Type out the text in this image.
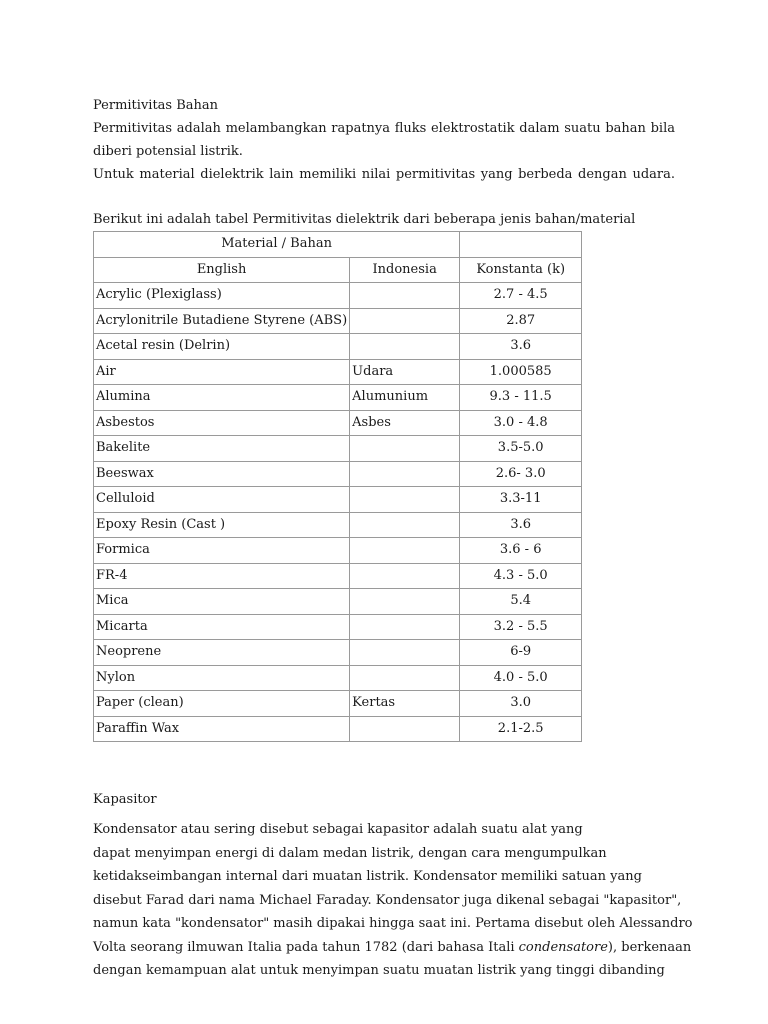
Permitivitas Bahan

Permitivitas adalah melambangkan rapatnya fluks elektrostatik dalam suatu bahan bila

diberi potensial listrik.

Untuk material dielektrik lain memiliki nilai permitivitas yang berbeda dengan udara.

Berikut ini adalah tabel Permitivitas dielektrik dari beberapa jenis bahan/material

Material / Bahan		
English	Indonesia	Konstanta (k)
Acrylic (Plexiglass)		2.7 - 4.5
Acrylonitrile Butadiene Styrene (ABS)		2.87
Acetal resin (Delrin)		3.6
Air	Udara	1.000585
Alumina	Alumunium	9.3 - 11.5
Asbestos	Asbes	3.0 - 4.8
Bakelite		3.5-5.0
Beeswax		2.6- 3.0
Celluloid		3.3-11
Epoxy Resin (Cast )		3.6
Formica		3.6 - 6
FR-4		4.3 - 5.0
Mica		5.4
Micarta		3.2 - 5.5
Neoprene		6-9
Nylon		4.0 - 5.0
Paper (clean)	Kertas	3.0
Paraffin Wax		2.1-2.5

Kapasitor

Kondensator atau sering disebut sebagai kapasitor adalah suatu alat yang

dapat menyimpan energi di dalam medan listrik, dengan cara mengumpulkan

ketidakseimbangan internal dari muatan listrik. Kondensator memiliki satuan yang

disebut Farad dari nama Michael Faraday. Kondensator juga dikenal sebagai "kapasitor",

namun kata "kondensator" masih dipakai hingga saat ini. Pertama disebut oleh Alessandro

Volta seorang ilmuwan Italia pada tahun 1782 (dari bahasa Itali condensatore), berkenaan

dengan kemampuan alat untuk menyimpan suatu muatan listrik yang tinggi dibanding
